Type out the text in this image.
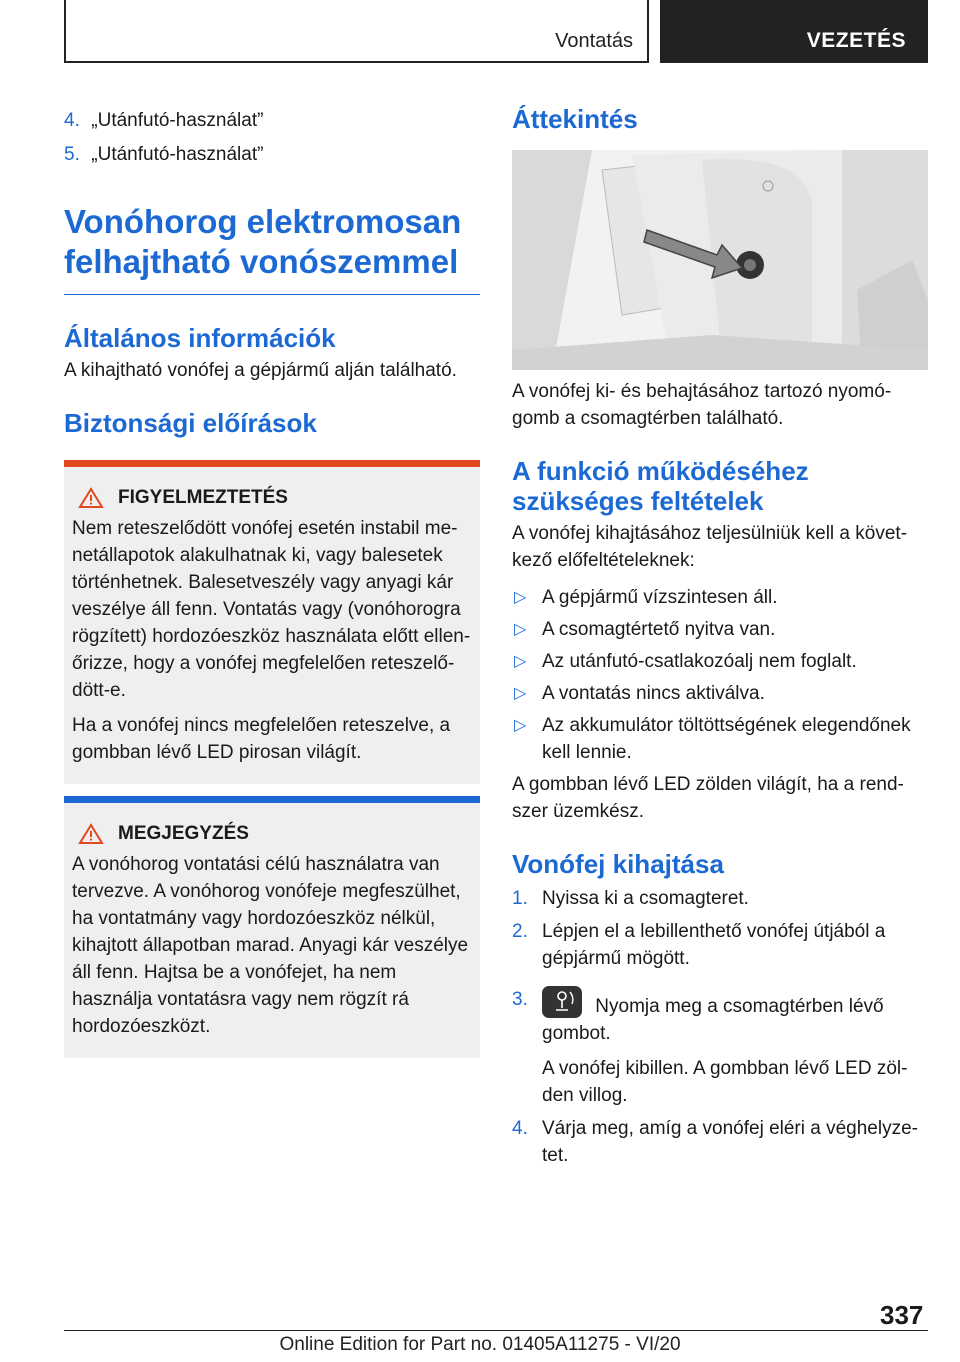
Vontatás	VEZETÉS
4. „Utánfutó-használat”
5. „Utánfutó-használat”
Vonóhorog elektromosan felhajtható vonószemmel
Általános információk

A kihajtható vonófej a gépjármű alján található.

Biztonsági előírások
FIGYELMEZTETÉS

Nem reteszelődött vonófej esetén instabil menetállapotok alakulhatnak ki, vagy balesetek történhetnek. Balesetveszély vagy anyagi kár veszélye áll fenn. Vontatás vagy (vonóhorogra rögzített) hordozóeszköz használata előtt ellenőrizze, hogy a vonófej megfelelően reteszelődött-e.

Ha a vonófej nincs megfelelően reteszelve, a gombban lévő LED pirosan világít.

MEGJEGYZÉS

A vonóhorog vontatási célú használatra van tervezve. A vonóhorog vonófeje megfeszülhet, ha vontatmány vagy hordozóeszköz nélkül, kihajtott állapotban marad. Anyagi kár veszélye áll fenn. Hajtsa be a vonófejet, ha nem használja vontatásra vagy nem rögzít rá hordozóeszközt.

Áttekintés

A vonófej ki- és behajtásához tartozó nyomógomb a csomagtérben található.

A funkció működéséhez szükséges feltételek

A vonófej kihajtásához teljesülniük kell a következő előfeltételeknek:

▷ A gépjármű vízszintesen áll.
▷ A csomagtértető nyitva van.
▷ Az utánfutó-csatlakozóalj nem foglalt.
▷ A vontatás nincs aktiválva.
▷ Az akkumulátor töltöttségének elegendőnek kell lennie.

A gombban lévő LED zölden világít, ha a rendszer üzemkész.

Vonófej kihajtása
1. Nyissa ki a csomagteret.
2. Lépjen el a lebillenthető vonófej útjából a gépjármű mögött.
3.	Nyomja meg a csomagtérben lévő gombot.

A vonófej kibillen. A gombban lévő LED zölden villog.

4. Várja meg, amíg a vonófej eléri a véghelyzetet.
337
Online Edition for Part no. 01405A11275 - VI/20
